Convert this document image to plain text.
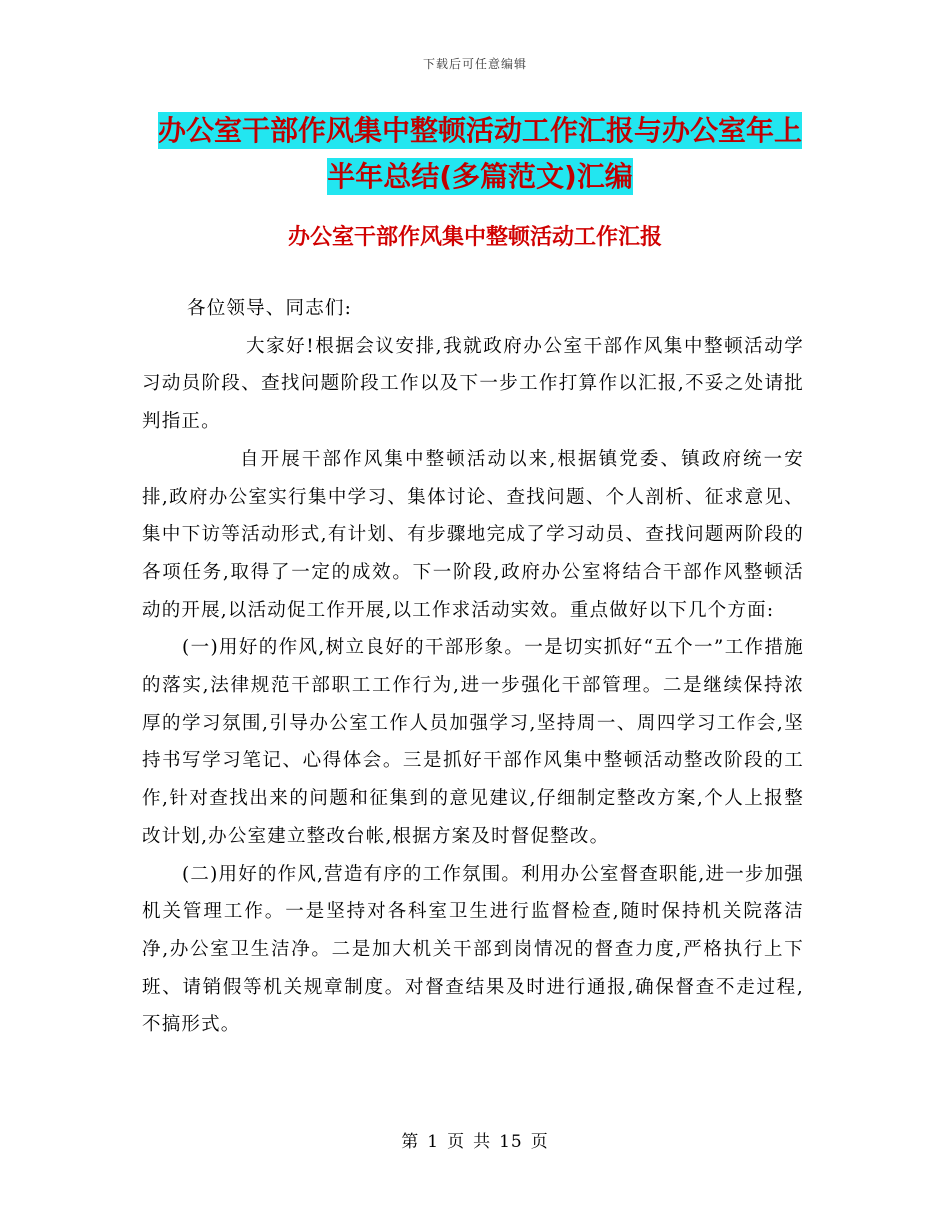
下载后可任意编辑
办公室干部作风集中整顿活动工作汇报与办公室年上
半年总结(多篇范文)汇编
办公室干部作风集中整顿活动工作汇报

各位领导、同志们:

大家好!根据会议安排,我就政府办公室干部作风集中整顿活动学习动员阶段、查找问题阶段工作以及下一步工作打算作以汇报,不妥之处请批判指正。

自开展干部作风集中整顿活动以来,根据镇党委、镇政府统一安排,政府办公室实行集中学习、集体讨论、查找问题、个人剖析、征求意见、集中下访等活动形式,有计划、有步骤地完成了学习动员、查找问题两阶段的各项任务,取得了一定的成效。下一阶段,政府办公室将结合干部作风整顿活动的开展,以活动促工作开展,以工作求活动实效。重点做好以下几个方面:

(一)用好的作风,树立良好的干部形象。一是切实抓好“五个一”工作措施的落实,法律规范干部职工工作行为,进一步强化干部管理。二是继续保持浓厚的学习氛围,引导办公室工作人员加强学习,坚持周一、周四学习工作会,坚持书写学习笔记、心得体会。三是抓好干部作风集中整顿活动整改阶段的工作,针对查找出来的问题和征集到的意见建议,仔细制定整改方案,个人上报整改计划,办公室建立整改台帐,根据方案及时督促整改。

(二)用好的作风,营造有序的工作氛围。利用办公室督查职能,进一步加强机关管理工作。一是坚持对各科室卫生进行监督检查,随时保持机关院落洁净,办公室卫生洁净。二是加大机关干部到岗情况的督查力度,严格执行上下班、请销假等机关规章制度。对督查结果及时进行通报,确保督查不走过程,不搞形式。

第 1 页 共 15 页
